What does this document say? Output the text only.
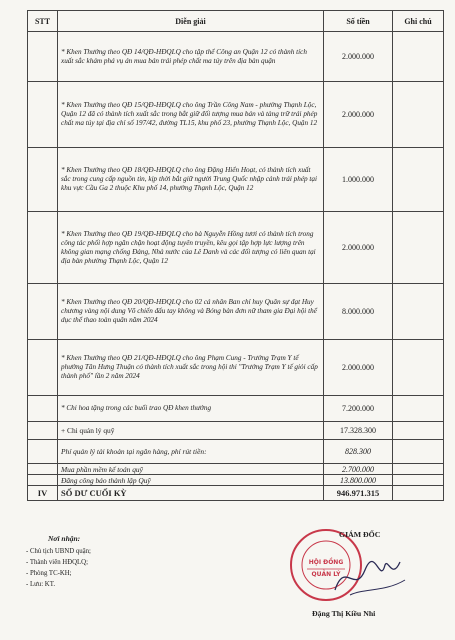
STT	Diễn giải	Số tiền	Ghi chú
	* Khen Thưởng theo QĐ 14/QĐ-HĐQLQ cho tập thể Công an Quận 12 có thành tích xuất sắc khám phá vụ án mua bán trái phép chất ma túy trên địa bàn quận	2.000.000	
	* Khen Thưởng theo QĐ 15/QĐ-HĐQLQ cho ông Trần Công Nam - phường Thạnh Lộc, Quận 12 đã có thành tích xuất sắc trong bắt giữ đối tượng mua bán và tàng trữ trái phép chất ma túy tại địa chỉ số 197/42, đường TL15, khu phố 23, phường Thạnh Lộc, Quận 12	2.000.000	
	* Khen Thưởng theo QĐ 18/QĐ-HĐQLQ cho ông Đặng Hiển Hoạt, có thành tích xuất sắc trong cung cấp nguồn tin, kịp thời bắt giữ người Trung Quốc nhập cảnh trái phép tại khu vực Cầu Ga 2 thuộc Khu phố 14, phường Thạnh Lộc, Quận 12	1.000.000	
	* Khen Thưởng theo QĐ 19/QĐ-HĐQLQ cho bà Nguyễn Hồng tươi có thành tích trong công tác phối hợp ngăn chặn hoạt động tuyên truyền, kêu gọi tập hợp lực lượng trên không gian mạng chống Đảng, Nhà nước của Lê Danh và các đối tượng có liên quan tại địa bàn phường Thạnh Lộc, Quận 12	2.000.000	
	* Khen Thưởng theo QĐ 20/QĐ-HĐQLQ cho 02 cá nhân Ban chỉ huy Quân sự đạt Huy chương vàng nội dung Võ chiến đấu tay không và Bóng bàn đơn nữ tham gia Đại hội thể dục thể thao toàn quân năm 2024	8.000.000	
	* Khen Thưởng theo QĐ 21/QĐ-HĐQLQ cho ông Phạm Cung - Trưởng Trạm Y tế phường Tân Hưng Thuận có thành tích xuất sắc trong hội thi "Trưởng Trạm Y tế giỏi cấp thành phố" lần 2 năm 2024	2.000.000	
	* Chi hoa tặng trong các buổi trao QĐ khen thưởng	7.200.000	
	+ Chi quản lý quỹ	17.328.300	
	Phí quản lý tài khoản tại ngân hàng, phí rút tiền:	828.300	
	Mua phần mềm kế toán quỹ	2.700.000	
	Đăng công báo thành lập Quỹ	13.800.000	
IV	SỐ DƯ CUỐI KỲ	946.971.315	
Nơi nhận:
- Chủ tịch UBND quận;
- Thành viên HĐQLQ;
- Phòng TC-KH;
- Lưu: KT.
HỘI ĐỒNG
QUẢN LÝ
GIÁM ĐỐC
Đặng Thị Kiều Nhi
